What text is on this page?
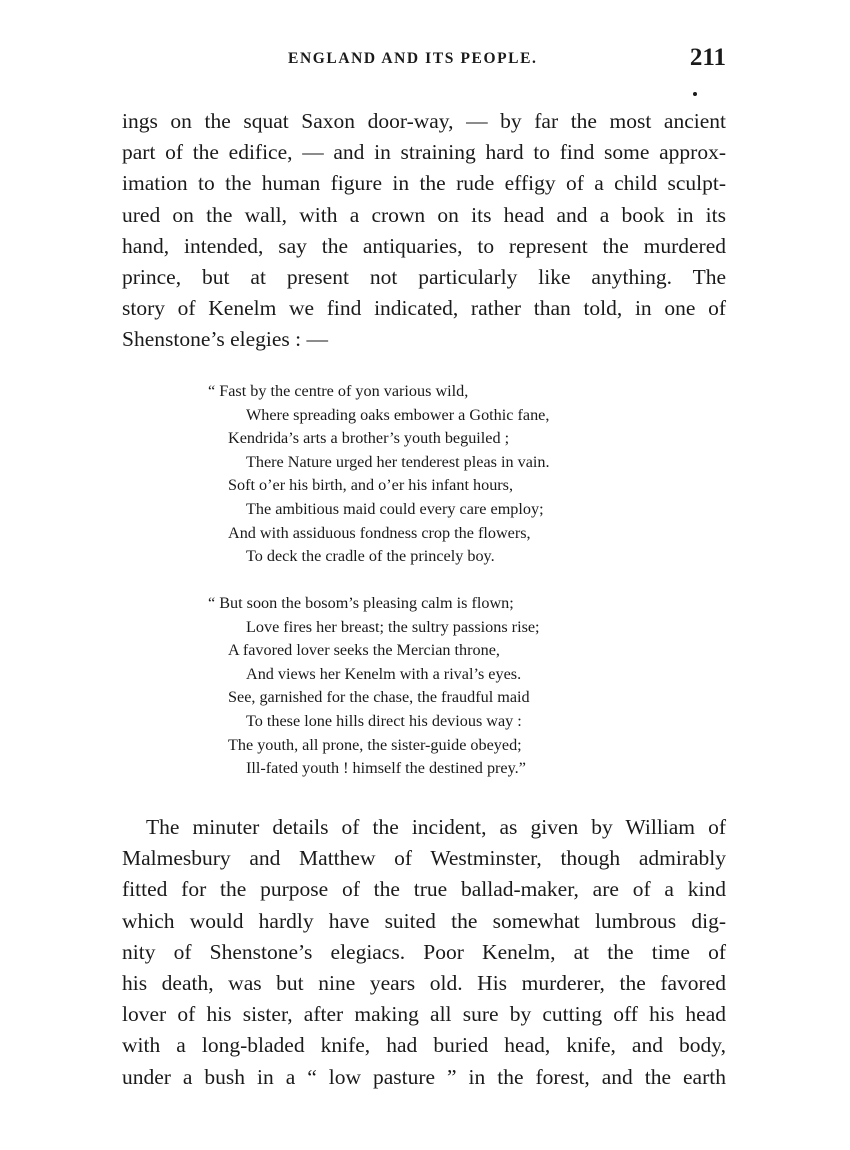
ENGLAND AND ITS PEOPLE.	211
ings on the squat Saxon door-way, — by far the most ancient
part of the edifice, — and in straining hard to find some approx-
imation to the human figure in the rude effigy of a child sculpt-
ured on the wall, with a crown on its head and a book in its
hand, intended, say the antiquaries, to represent the murdered
prince, but at present not particularly like anything. The
story of Kenelm we find indicated, rather than told, in one of
Shenstone’s elegies : —
“ Fast by the centre of yon various wild,
Where spreading oaks embower a Gothic fane,
Kendrida’s arts a brother’s youth beguiled ;
There Nature urged her tenderest pleas in vain.
Soft o’er his birth, and o’er his infant hours,
The ambitious maid could every care employ;
And with assiduous fondness crop the flowers,
To deck the cradle of the princely boy.
“ But soon the bosom’s pleasing calm is flown;
Love fires her breast; the sultry passions rise;
A favored lover seeks the Mercian throne,
And views her Kenelm with a rival’s eyes.
See, garnished for the chase, the fraudful maid
To these lone hills direct his devious way :
The youth, all prone, the sister-guide obeyed;
Ill-fated youth ! himself the destined prey.”
The minuter details of the incident, as given by William of
Malmesbury and Matthew of Westminster, though admirably
fitted for the purpose of the true ballad-maker, are of a kind
which would hardly have suited the somewhat lumbrous dig-
nity of Shenstone’s elegiacs. Poor Kenelm, at the time of
his death, was but nine years old. His murderer, the favored
lover of his sister, after making all sure by cutting off his head
with a long-bladed knife, had buried head, knife, and body,
under a bush in a “ low pasture ” in the forest, and the earth
